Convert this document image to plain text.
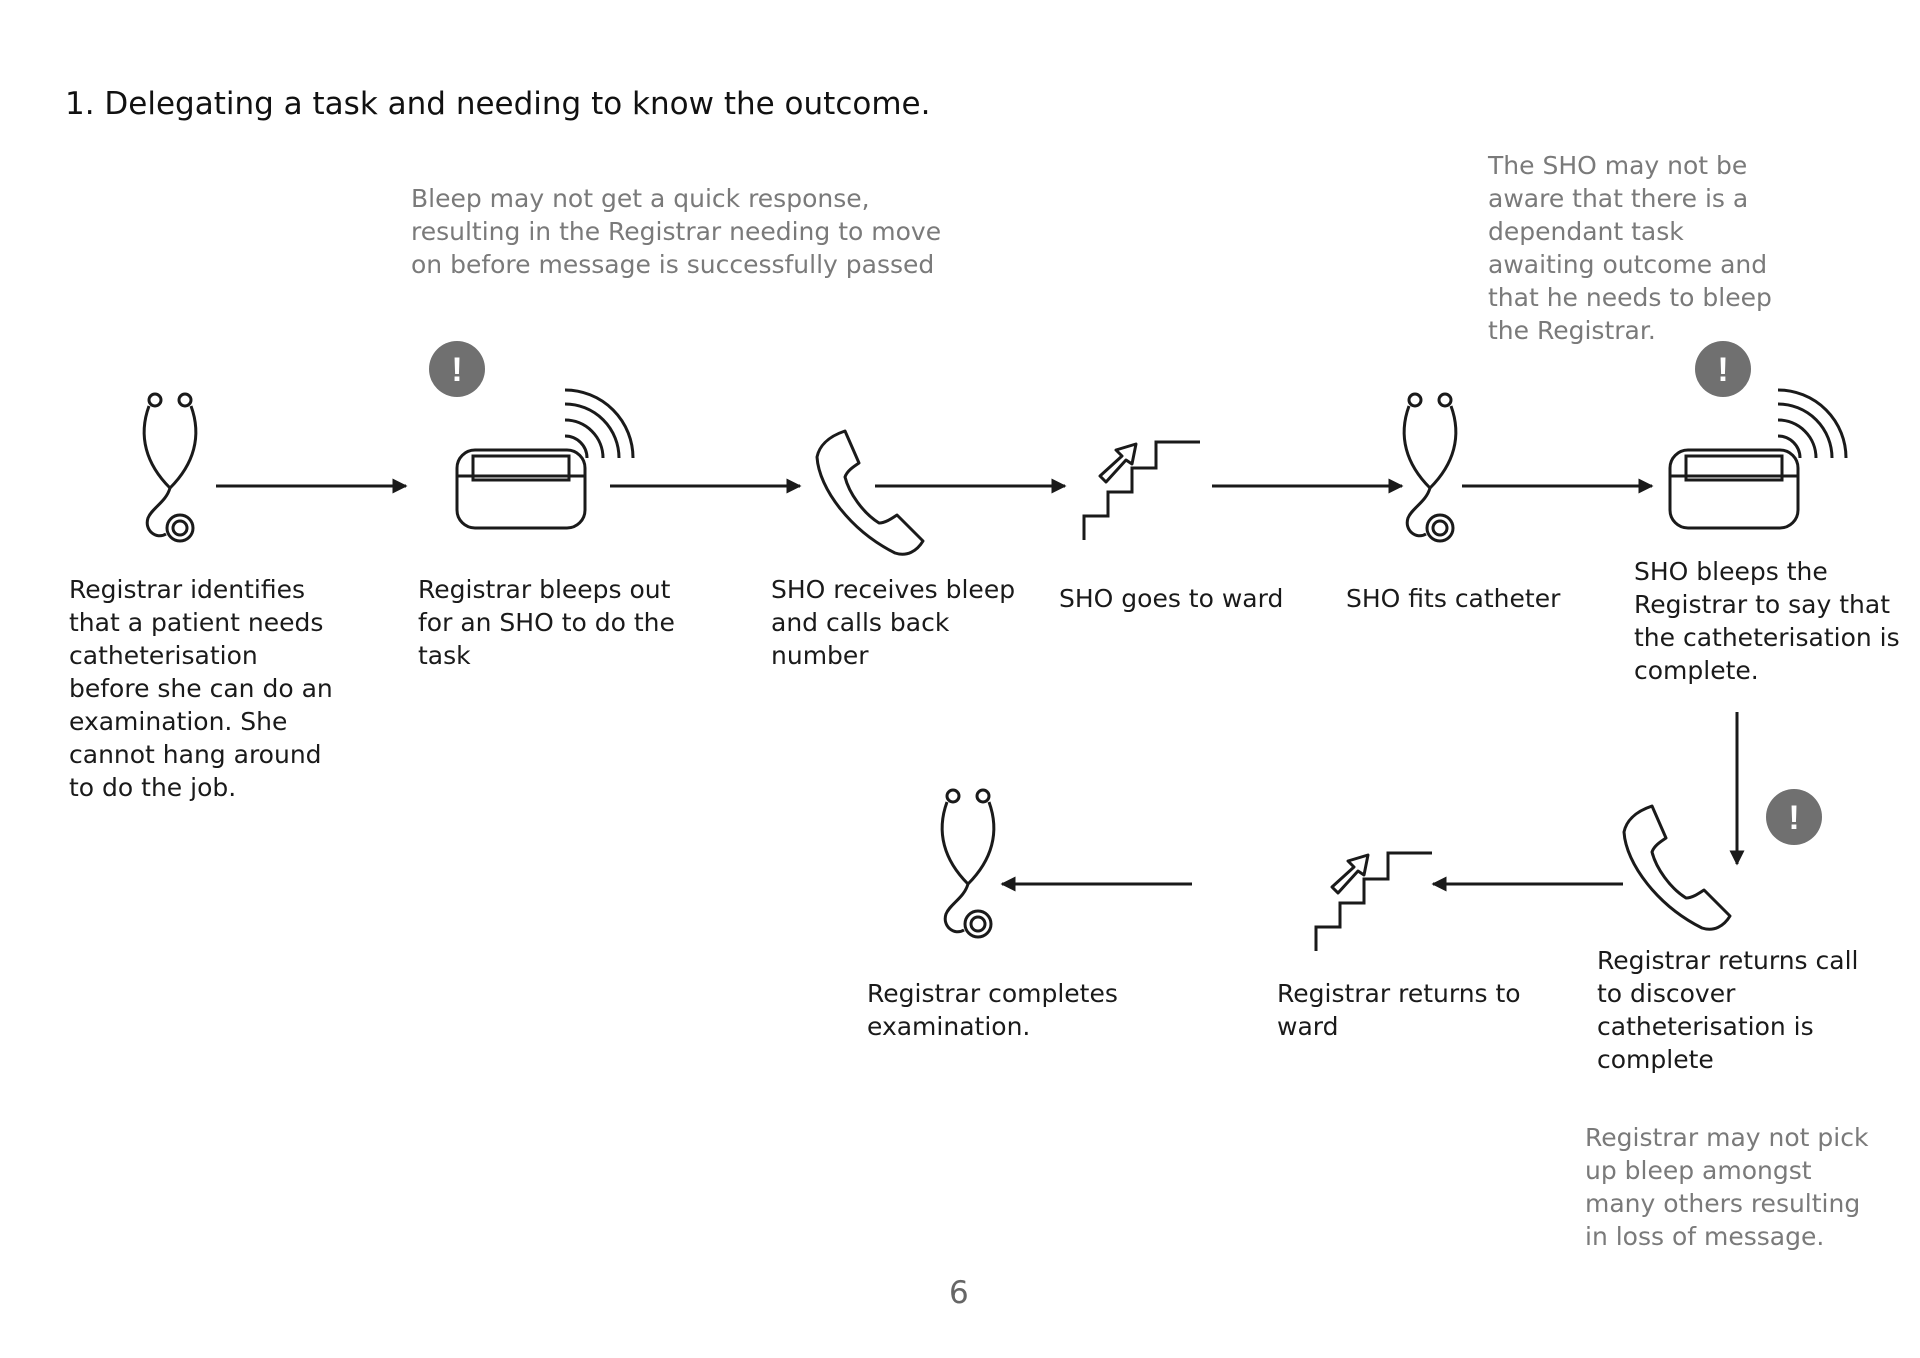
!	!
!
1. Delegating a task and needing to know the outcome.
Bleep may not get a quick response,
resulting in the Registrar needing to move
on before message is successfully passed
The SHO may not be
aware that there is a
dependant task
awaiting outcome and
that he needs to bleep
the Registrar.
Registrar may not pick
up bleep amongst
many others resulting
in loss of message.
Registrar identifies
that a patient needs
catheterisation
before she can do an
examination. She
cannot hang around
to do the job.
Registrar bleeps out
for an SHO to do the
task
SHO receives bleep
and calls back
number
SHO goes to ward	SHO fits catheter
SHO bleeps the
Registrar to say that
the catheterisation is
complete.
Registrar returns call
to discover
catheterisation is
complete
Registrar returns to
ward
Registrar completes
examination.
6
